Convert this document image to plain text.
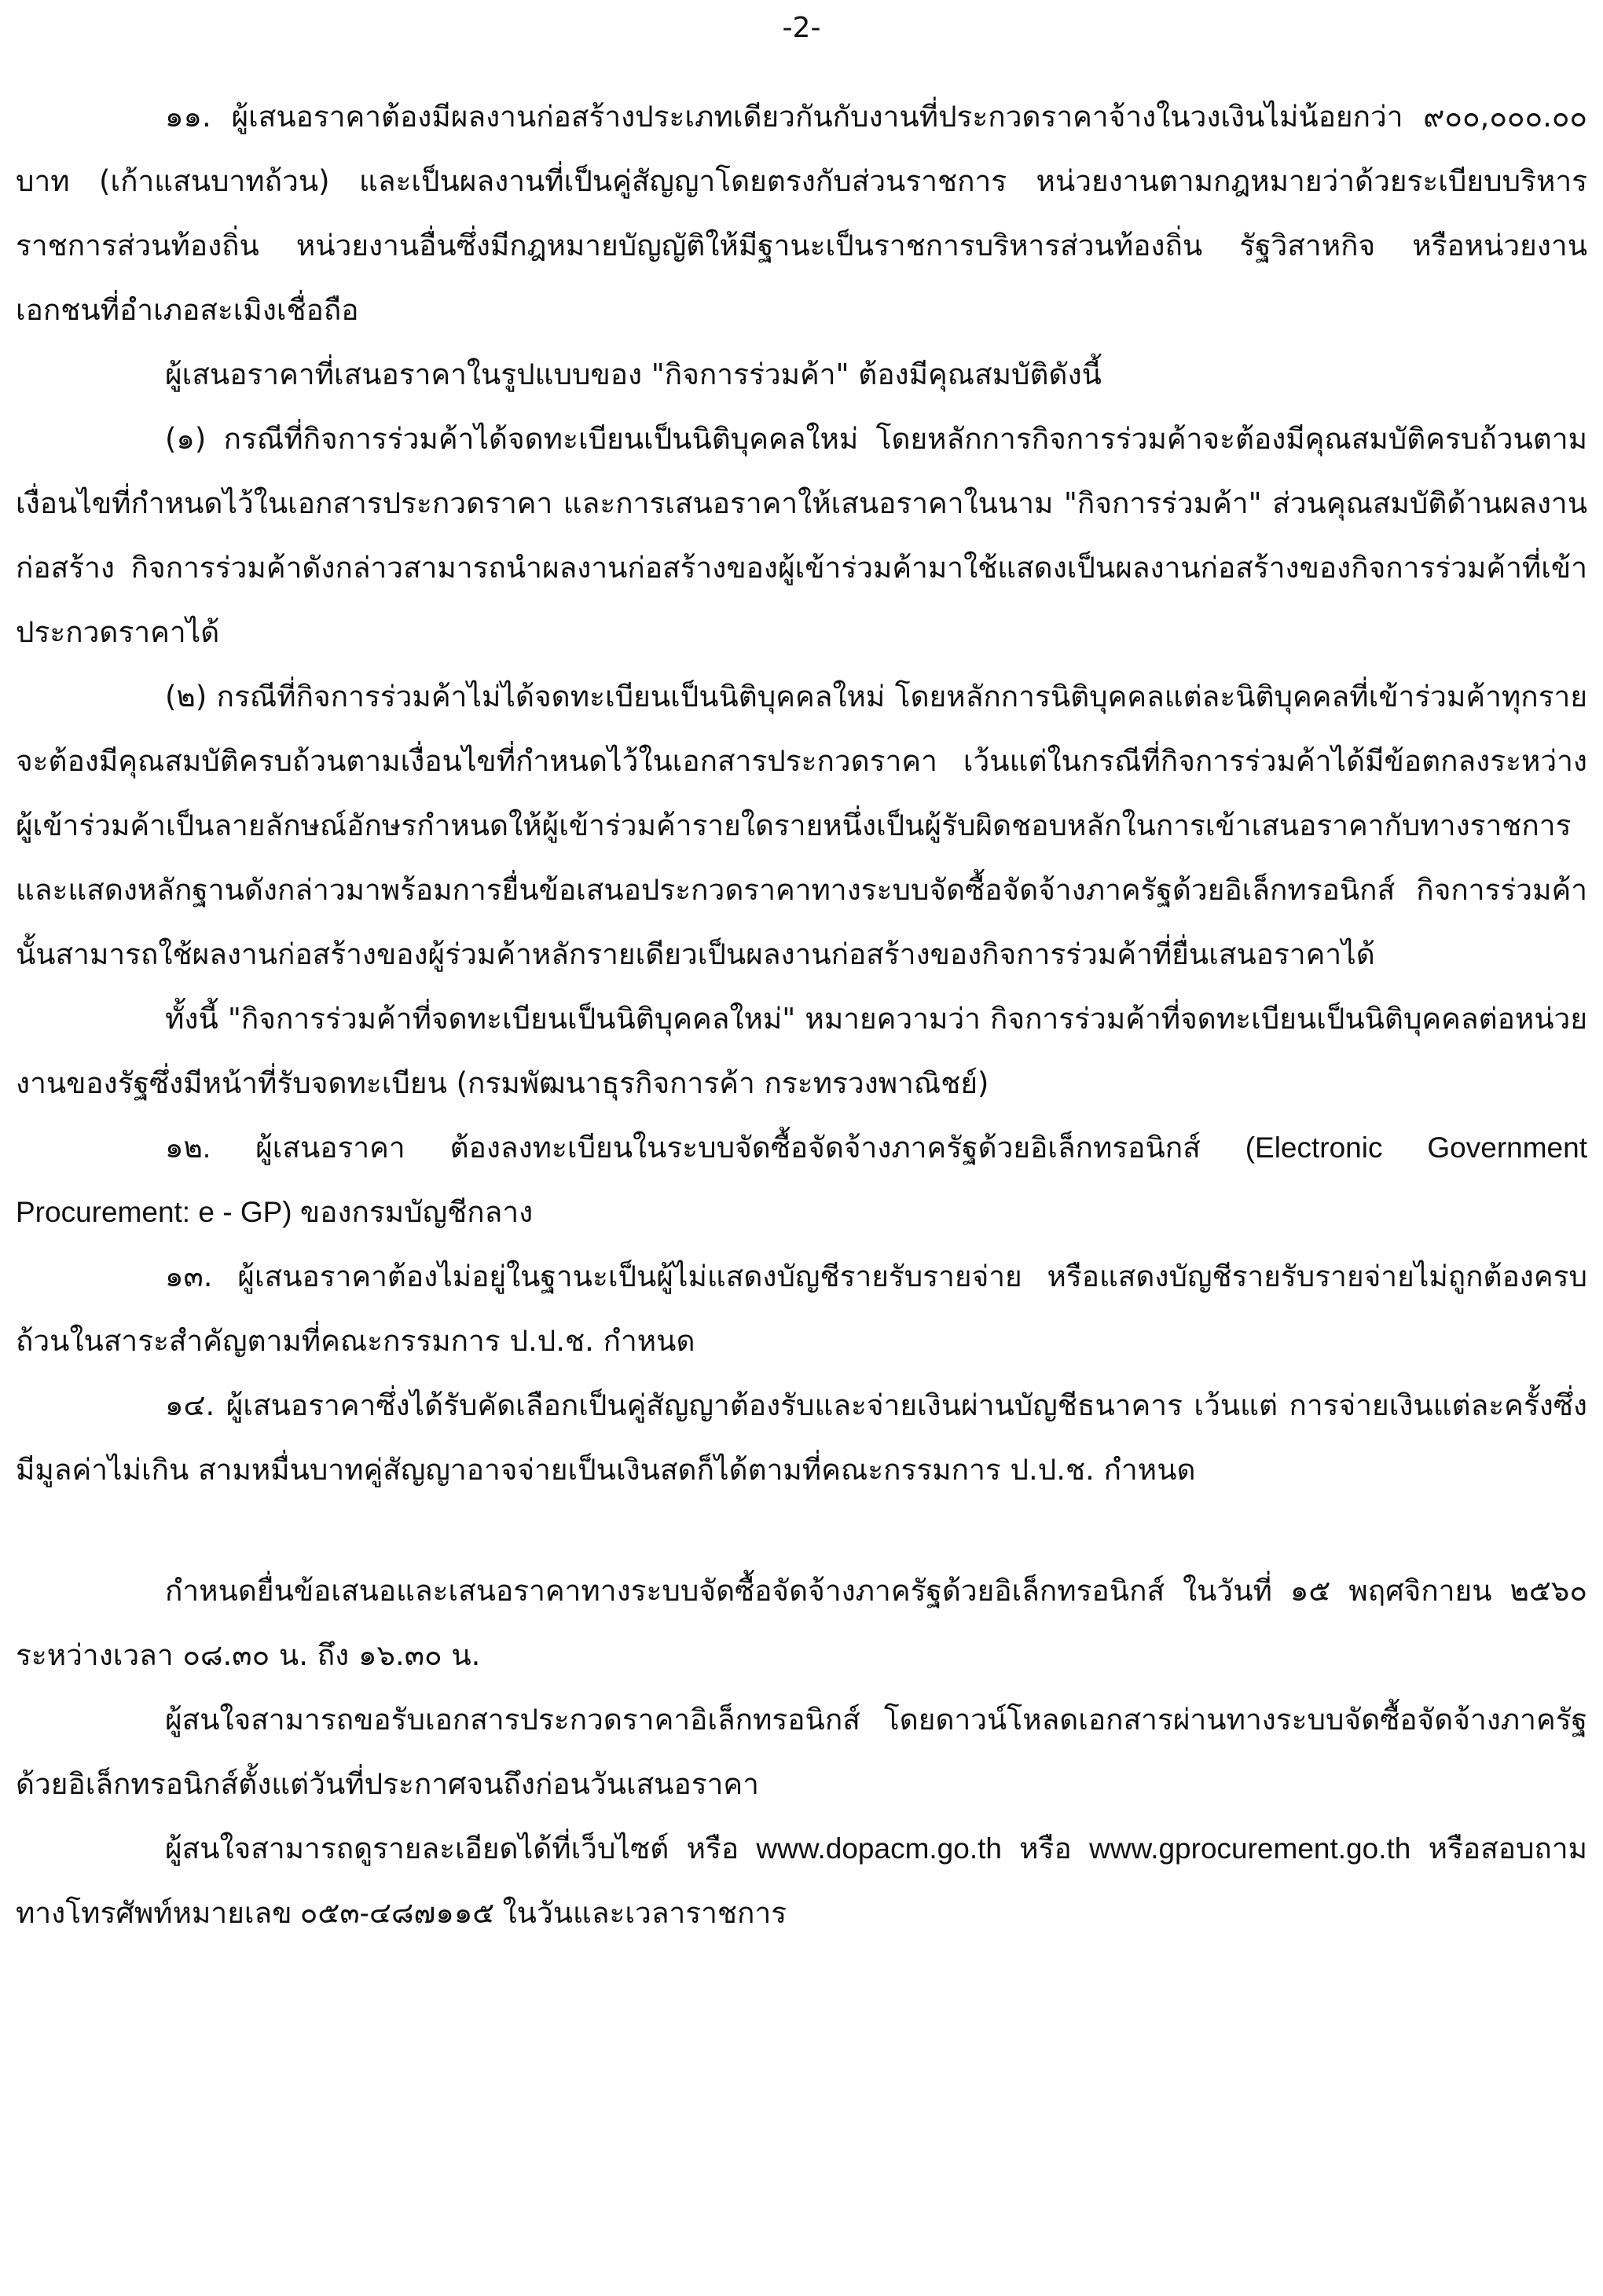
-2-

๑๑. ผู้เสนอราคาต้องมีผลงานก่อสร้างประเภทเดียวกันกับงานที่ประกวดราคาจ้างในวงเงินไม่น้อยกว่า ๙๐๐,๐๐๐.๐๐ บาท (เก้าแสนบาทถ้วน) และเป็นผลงานที่เป็นคู่สัญญาโดยตรงกับส่วนราชการ หน่วยงานตามกฎหมายว่าด้วยระเบียบบริหารราชการส่วนท้องถิ่น หน่วยงานอื่นซึ่งมีกฎหมายบัญญัติให้มีฐานะเป็นราชการบริหารส่วนท้องถิ่น รัฐวิสาหกิจ หรือหน่วยงานเอกชนที่อำเภอสะเมิงเชื่อถือ

ผู้เสนอราคาที่เสนอราคาในรูปแบบของ "กิจการร่วมค้า" ต้องมีคุณสมบัติดังนี้

(๑) กรณีที่กิจการร่วมค้าได้จดทะเบียนเป็นนิติบุคคลใหม่ โดยหลักการกิจการร่วมค้าจะต้องมีคุณสมบัติครบถ้วนตามเงื่อนไขที่กำหนดไว้ในเอกสารประกวดราคา และการเสนอราคาให้เสนอราคาในนาม "กิจการร่วมค้า" ส่วนคุณสมบัติด้านผลงานก่อสร้าง กิจการร่วมค้าดังกล่าวสามารถนำผลงานก่อสร้างของผู้เข้าร่วมค้ามาใช้แสดงเป็นผลงานก่อสร้างของกิจการร่วมค้าที่เข้าประกวดราคาได้

(๒) กรณีที่กิจการร่วมค้าไม่ได้จดทะเบียนเป็นนิติบุคคลใหม่ โดยหลักการนิติบุคคลแต่ละนิติบุคคลที่เข้าร่วมค้าทุกรายจะต้องมีคุณสมบัติครบถ้วนตามเงื่อนไขที่กำหนดไว้ในเอกสารประกวดราคา เว้นแต่ในกรณีที่กิจการร่วมค้าได้มีข้อตกลงระหว่างผู้เข้าร่วมค้าเป็นลายลักษณ์อักษรกำหนดให้ผู้เข้าร่วมค้ารายใดรายหนึ่งเป็นผู้รับผิดชอบหลักในการเข้าเสนอราคากับทางราชการ และแสดงหลักฐานดังกล่าวมาพร้อมการยื่นข้อเสนอประกวดราคาทางระบบจัดซื้อจัดจ้างภาครัฐด้วยอิเล็กทรอนิกส์ กิจการร่วมค้านั้นสามารถใช้ผลงานก่อสร้างของผู้ร่วมค้าหลักรายเดียวเป็นผลงานก่อสร้างของกิจการร่วมค้าที่ยื่นเสนอราคาได้

ทั้งนี้ "กิจการร่วมค้าที่จดทะเบียนเป็นนิติบุคคลใหม่" หมายความว่า กิจการร่วมค้าที่จดทะเบียนเป็นนิติบุคคลต่อหน่วยงานของรัฐซึ่งมีหน้าที่รับจดทะเบียน (กรมพัฒนาธุรกิจการค้า กระทรวงพาณิชย์)

๑๒. ผู้เสนอราคา ต้องลงทะเบียนในระบบจัดซื้อจัดจ้างภาครัฐด้วยอิเล็กทรอนิกส์ (Electronic Government Procurement: e - GP) ของกรมบัญชีกลาง

๑๓. ผู้เสนอราคาต้องไม่อยู่ในฐานะเป็นผู้ไม่แสดงบัญชีรายรับรายจ่าย หรือแสดงบัญชีรายรับรายจ่ายไม่ถูกต้องครบถ้วนในสาระสำคัญตามที่คณะกรรมการ ป.ป.ช. กำหนด

๑๔. ผู้เสนอราคาซึ่งได้รับคัดเลือกเป็นคู่สัญญาต้องรับและจ่ายเงินผ่านบัญชีธนาคาร เว้นแต่ การจ่ายเงินแต่ละครั้งซึ่งมีมูลค่าไม่เกิน สามหมื่นบาทคู่สัญญาอาจจ่ายเป็นเงินสดก็ได้ตามที่คณะกรรมการ ป.ป.ช. กำหนด

กำหนดยื่นข้อเสนอและเสนอราคาทางระบบจัดซื้อจัดจ้างภาครัฐด้วยอิเล็กทรอนิกส์ ในวันที่ ๑๕ พฤศจิกายน ๒๕๖๐ ระหว่างเวลา ๐๘.๓๐ น. ถึง ๑๖.๓๐ น.

ผู้สนใจสามารถขอรับเอกสารประกวดราคาอิเล็กทรอนิกส์ โดยดาวน์โหลดเอกสารผ่านทางระบบจัดซื้อจัดจ้างภาครัฐด้วยอิเล็กทรอนิกส์ตั้งแต่วันที่ประกาศจนถึงก่อนวันเสนอราคา

ผู้สนใจสามารถดูรายละเอียดได้ที่เว็บไซต์ หรือ www.dopacm.go.th หรือ www.gprocurement.go.th หรือสอบถามทางโทรศัพท์หมายเลข ๐๕๓-๔๘๗๑๑๕ ในวันและเวลาราชการ
